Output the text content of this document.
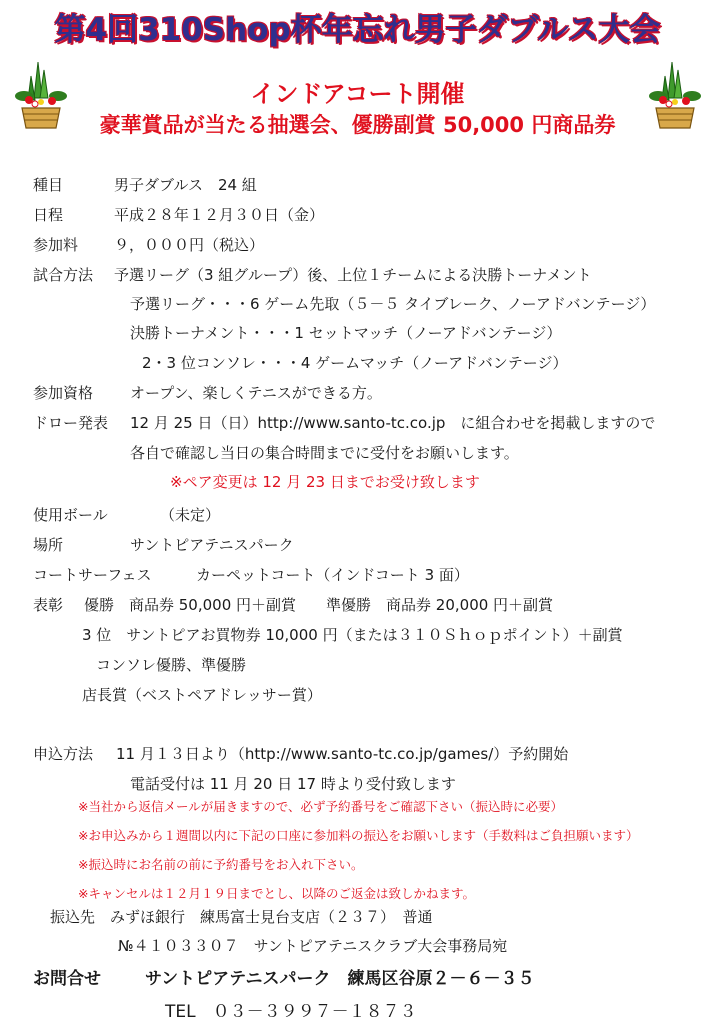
第4回310Shop杯年忘れ男子ダブルス大会
インドアコート開催
豪華賞品が当たる抽選会、優勝副賞 50,000 円商品券
種目	男子ダブルス　24 組
日程	平成２８年１２月３０日（金）
参加料 ９，０００円（税込）
試合方法 予選リーグ（3 組グループ）後、上位１チームによる決勝トーナメント
予選リーグ・・・6 ゲーム先取（５－５ タイブレーク、ノーアドバンテージ）
決勝トーナメント・・・1 セットマッチ（ノーアドバンテージ）
2・3 位コンソレ・・・4 ゲームマッチ（ノーアドバンテージ）
参加資格 オープン、楽しくテニスができる方。
ドロー発表 12 月 25 日（日）http://www.santo-tc.co.jp　に組合わせを掲載しますので
各自で確認し当日の集合時間までに受付をお願いします。
※ペア変更は 12 月 23 日までお受け致します
使用ボール	（未定）
場所	サントピアテニスパーク
コートサーフェス	カーペットコート（インドコート 3 面）
表彰 優勝　商品券 50,000 円＋副賞　　準優勝　商品券 20,000 円＋副賞
3 位　サントピアお買物券 10,000 円（または３１０Ｓｈｏｐポイント）＋副賞
コンソレ優勝、準優勝
店長賞（ベストペアドレッサー賞）
申込方法 11 月１３日より（http://www.santo-tc.co.jp/games/）予約開始
電話受付は 11 月 20 日 17 時より受付致します
※当社から返信メールが届きますので、必ず予約番号をご確認下さい（振込時に必要）
※お申込みから１週間以内に下記の口座に参加料の振込をお願いします（手数料はご負担願います）
※振込時にお名前の前に予約番号をお入れ下さい。
※キャンセルは１２月１９日までとし、以降のご返金は致しかねます。
振込先　みずほ銀行　練馬富士見台支店（２３７）　普通
№４１０３３０７　サントピアテニスクラブ大会事務局宛
お問合せ	サントピアテニスパーク　練馬区谷原２－６－３５
TEL　０３－３９９７－１８７３
